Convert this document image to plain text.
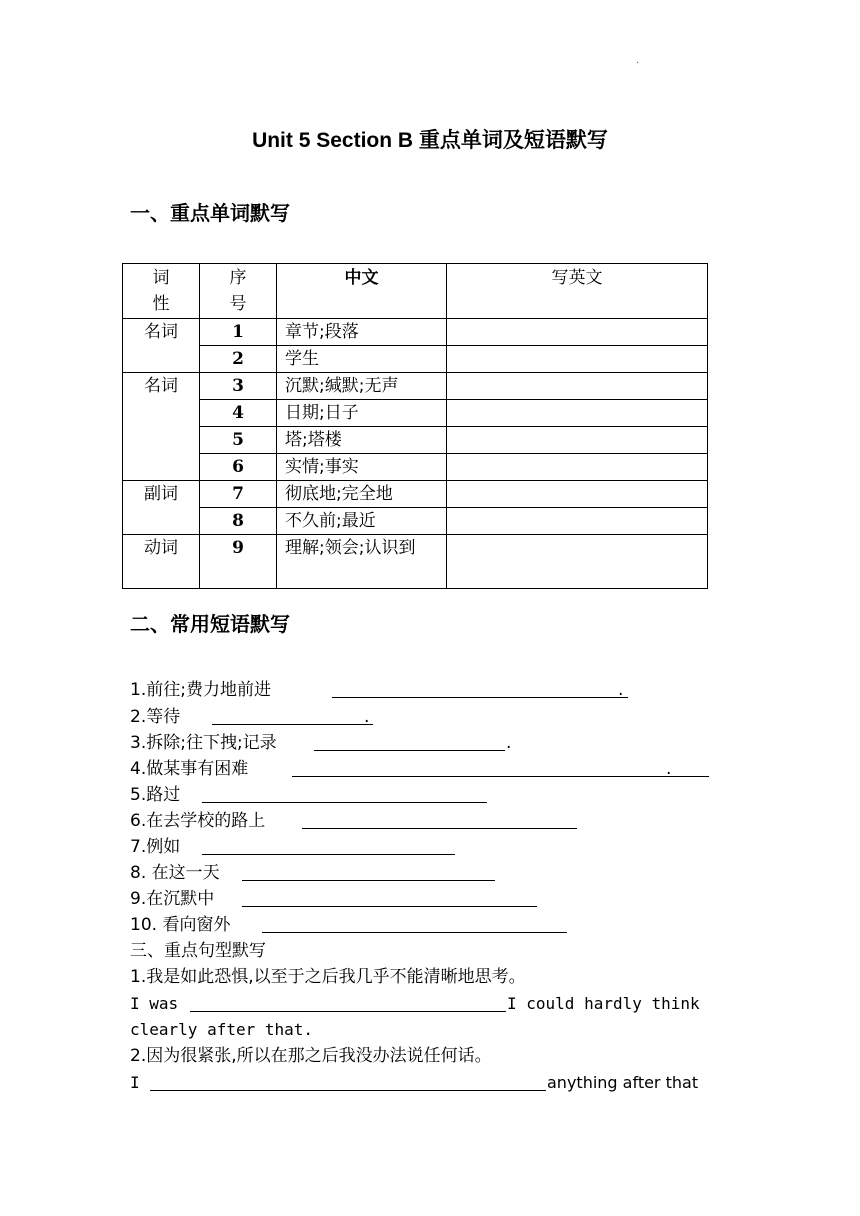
·
Unit 5 Section B 重点单词及短语默写
一、重点单词默写
词性	序号	中文	写英文
名词	1	章节;段落	
	2	学生	
名词	3	沉默;缄默;无声	
	4	日期;日子	
	5	塔;塔楼	
	6	实情;事实	
副词	7	彻底地;完全地	
	8	不久前;最近	
动词	9	理解;领会;认识到	
二、常用短语默写
1.前往;费力地前进	.
2.等待	.
3.拆除;往下拽;记录	.
4.做某事有困难	.
5.路过
6.在去学校的路上
7.例如
8. 在这一天
9.在沉默中
10. 看向窗外
三、重点句型默写
1.我是如此恐惧,以至于之后我几乎不能清晰地思考。
I was	I could hardly think
clearly after that.
2.因为很紧张,所以在那之后我没办法说任何话。
I	anything after that
